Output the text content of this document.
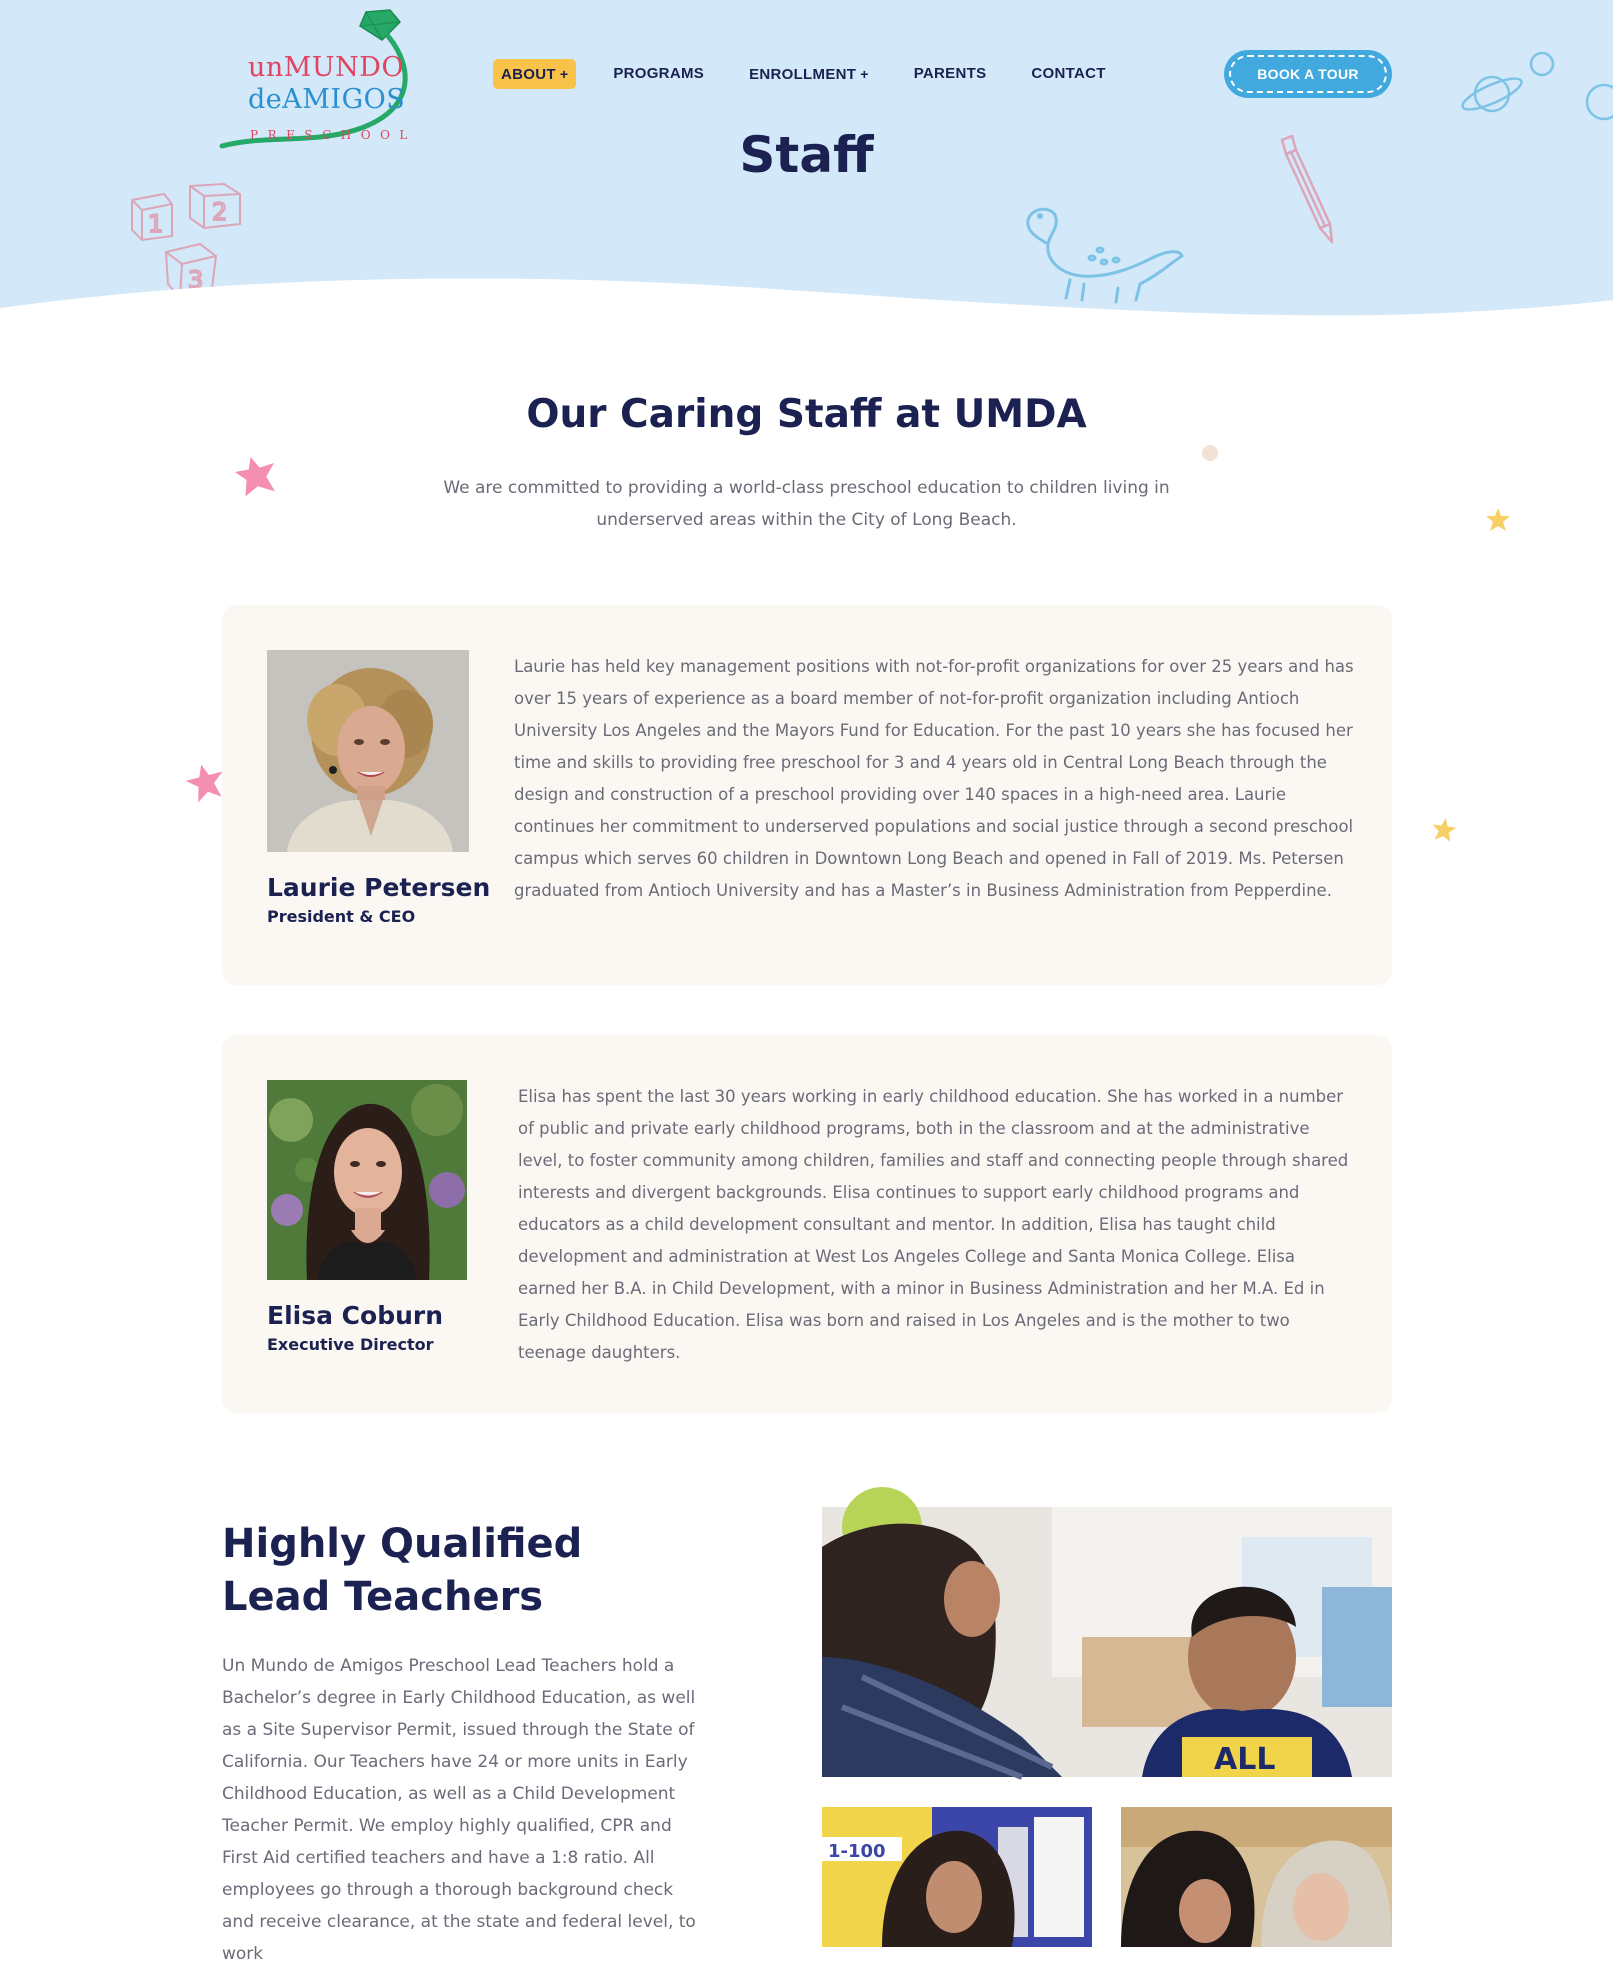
unMUNDO
deAMIGOS
PRESCHOOL
ABOUT +	PROGRAMS	ENROLLMENT +	PARENTS	CONTACT	BOOK A TOUR
Staff
1 2
3
Our Caring Staff at UMDA

We are committed to providing a world-class preschool education to children living in underserved areas within the City of Long Beach.

Laurie Petersen
President & CEO

Laurie has held key management positions with not-for-profit organizations for over 25 years and has over 15 years of experience as a board member of not-for-profit organization including Antioch University Los Angeles and the Mayors Fund for Education. For the past 10 years she has focused her time and skills to providing free preschool for 3 and 4 years old in Central Long Beach through the design and construction of a preschool providing over 140 spaces in a high-need area. Laurie continues her commitment to underserved populations and social justice through a second preschool campus which serves 60 children in Downtown Long Beach and opened in Fall of 2019. Ms. Petersen graduated from Antioch University and has a Master’s in Business Administration from Pepperdine.

Elisa Coburn
Executive Director

Elisa has spent the last 30 years working in early childhood education. She has worked in a number of public and private early childhood programs, both in the classroom and at the administrative level, to foster community among children, families and staff and connecting people through shared interests and divergent backgrounds. Elisa continues to support early childhood programs and educators as a child development consultant and mentor. In addition, Elisa has taught child development and administration at West Los Angeles College and Santa Monica College. Elisa earned her B.A. in Child Development, with a minor in Business Administration and her M.A. Ed in Early Childhood Education. Elisa was born and raised in Los Angeles and is the mother to two teenage daughters.

Highly Qualified
Lead Teachers

Un Mundo de Amigos Preschool Lead Teachers hold a Bachelor’s degree in Early Childhood Education, as well as a Site Supervisor Permit, issued through the State of California. Our Teachers have 24 or more units in Early Childhood Education, as well as a Child Development Teacher Permit. We employ highly qualified, CPR and First Aid certified teachers and have a 1:8 ratio. All employees go through a thorough background check and receive clearance, at the state and federal level, to work

ALL
1-100
